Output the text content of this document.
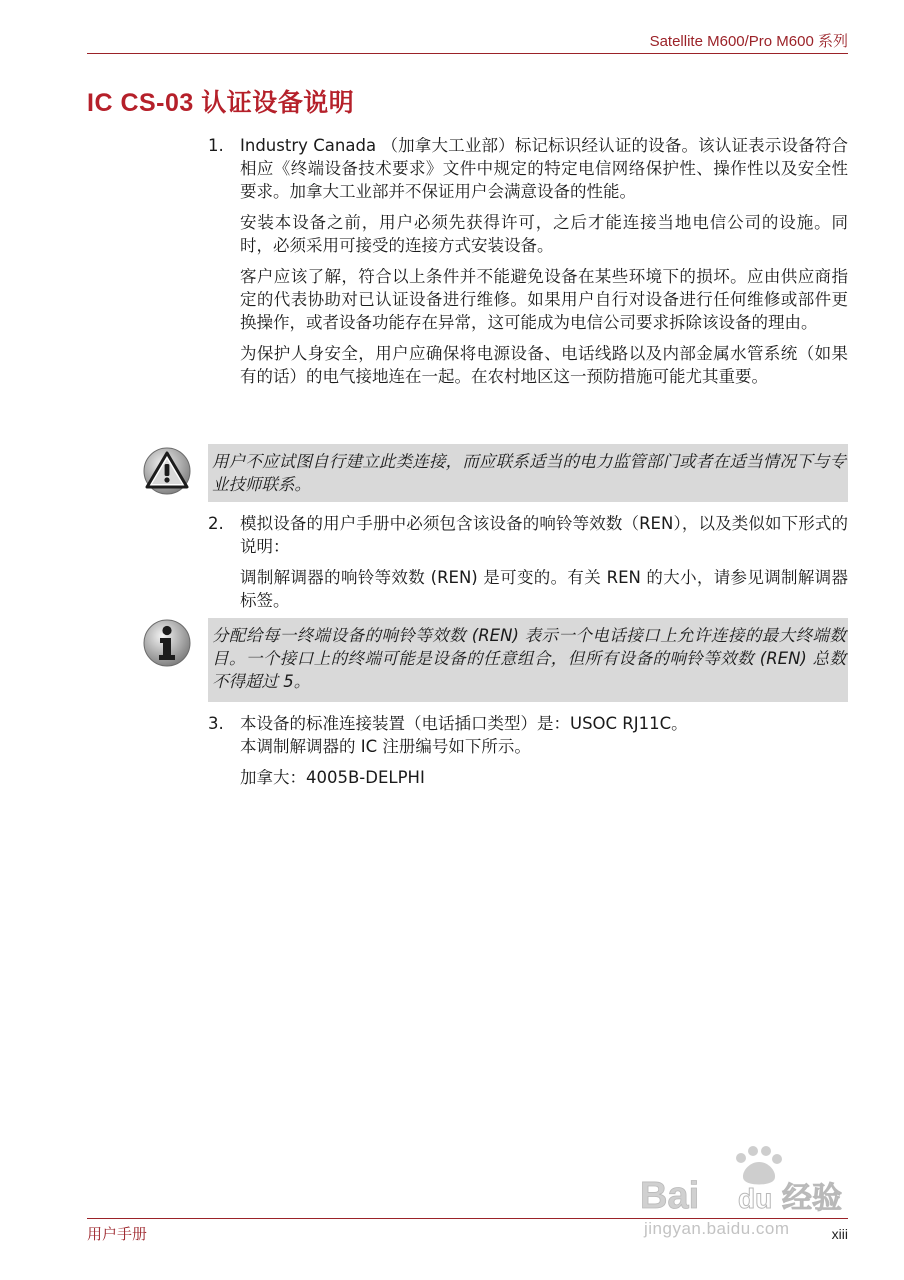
Satellite M600/Pro M600 系列
IC CS-03 认证设备说明
1. Industry Canada （加拿大工业部）标记标识经认证的设备。该认证表示设备符合相应《终端设备技术要求》文件中规定的特定电信网络保护性、操作性以及安全性要求。加拿大工业部并不保证用户会满意设备的性能。

安装本设备之前，用户必须先获得许可，之后才能连接当地电信公司的设施。同时，必须采用可接受的连接方式安装设备。

客户应该了解，符合以上条件并不能避免设备在某些环境下的损坏。应由供应商指定的代表协助对已认证设备进行维修。如果用户自行对设备进行任何维修或部件更换操作，或者设备功能存在异常，这可能成为电信公司要求拆除该设备的理由。

为保护人身安全，用户应确保将电源设备、电话线路以及内部金属水管系统（如果有的话）的电气接地连在一起。在农村地区这一预防措施可能尤其重要。

用户不应试图自行建立此类连接，而应联系适当的电力监管部门或者在适当情况下与专业技师联系。
2. 模拟设备的用户手册中必须包含该设备的响铃等效数（REN），以及类似如下形式的说明：

调制解调器的响铃等效数 (REN) 是可变的。有关 REN 的大小，请参见调制解调器标签。

分配给每一终端设备的响铃等效数 (REN) 表示一个电话接口上允许连接的最大终端数目。一个接口上的终端可能是设备的任意组合，但所有设备的响铃等效数 (REN) 总数不得超过 5。
3. 本设备的标准连接装置（电话插口类型）是：USOC RJ11C。

本调制解调器的 IC 注册编号如下所示。

加拿大：4005B-DELPHI

Bai du 经验
jingyan.baidu.com
用户手册	xiii
